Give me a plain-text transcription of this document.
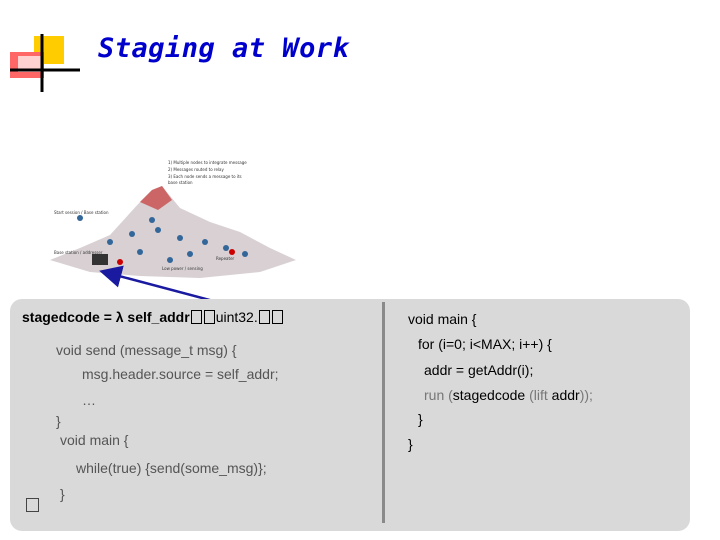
Staging at Work
1) Multiple nodes to integrate message
2) Messages routed to relay
3) Each node sends a message to its
base station
Start session / Base station
Base station / addresser
Low power / sensing
Repeater
stagedcode = λ self_addr uint32.
void send (message_t msg) {
msg.header.source = self_addr;
…
}
void main {
while(true) {send(some_msg)};
}
void main {
for (i=0; i<MAX; i++) {
addr = getAddr(i);
run (stagedcode (lift addr));
}
}
